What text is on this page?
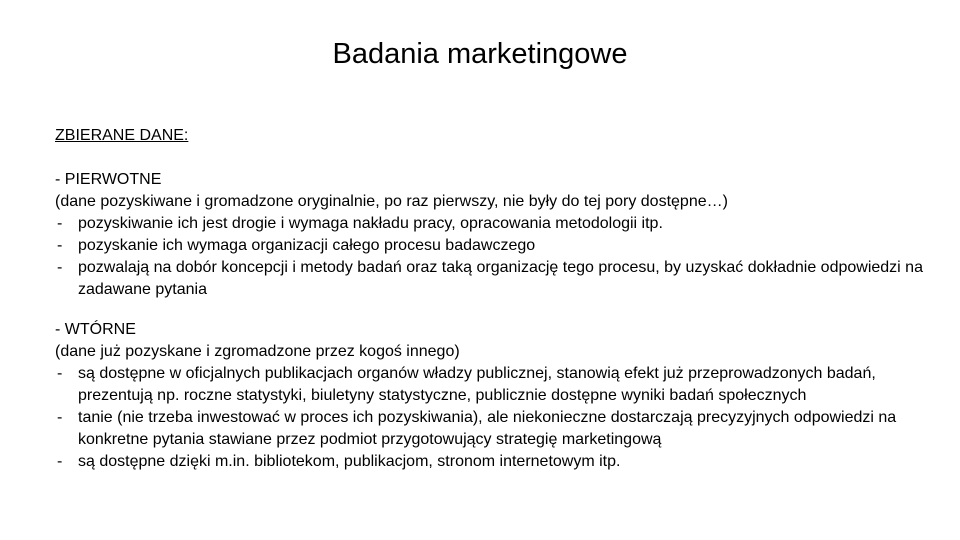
Badania marketingowe

ZBIERANE DANE:

- PIERWOTNE

(dane pozyskiwane i gromadzone oryginalnie, po raz pierwszy, nie były do tej pory dostępne…)

- pozyskiwanie ich jest drogie i wymaga nakładu pracy, opracowania metodologii itp.
- pozyskanie ich wymaga organizacji całego procesu badawczego
- pozwalają na dobór koncepcji i metody badań oraz taką organizację tego procesu, by uzyskać dokładnie odpowiedzi na zadawane pytania

- WTÓRNE

(dane już pozyskane i zgromadzone przez kogoś innego)

- są dostępne w oficjalnych publikacjach organów władzy publicznej, stanowią efekt już przeprowadzonych badań, prezentują np. roczne statystyki, biuletyny statystyczne, publicznie dostępne wyniki badań społecznych
- tanie (nie trzeba inwestować w proces ich pozyskiwania), ale niekonieczne dostarczają precyzyjnych odpowiedzi na konkretne pytania stawiane przez podmiot przygotowujący strategię marketingową
- są dostępne dzięki m.in. bibliotekom, publikacjom, stronom internetowym itp.
